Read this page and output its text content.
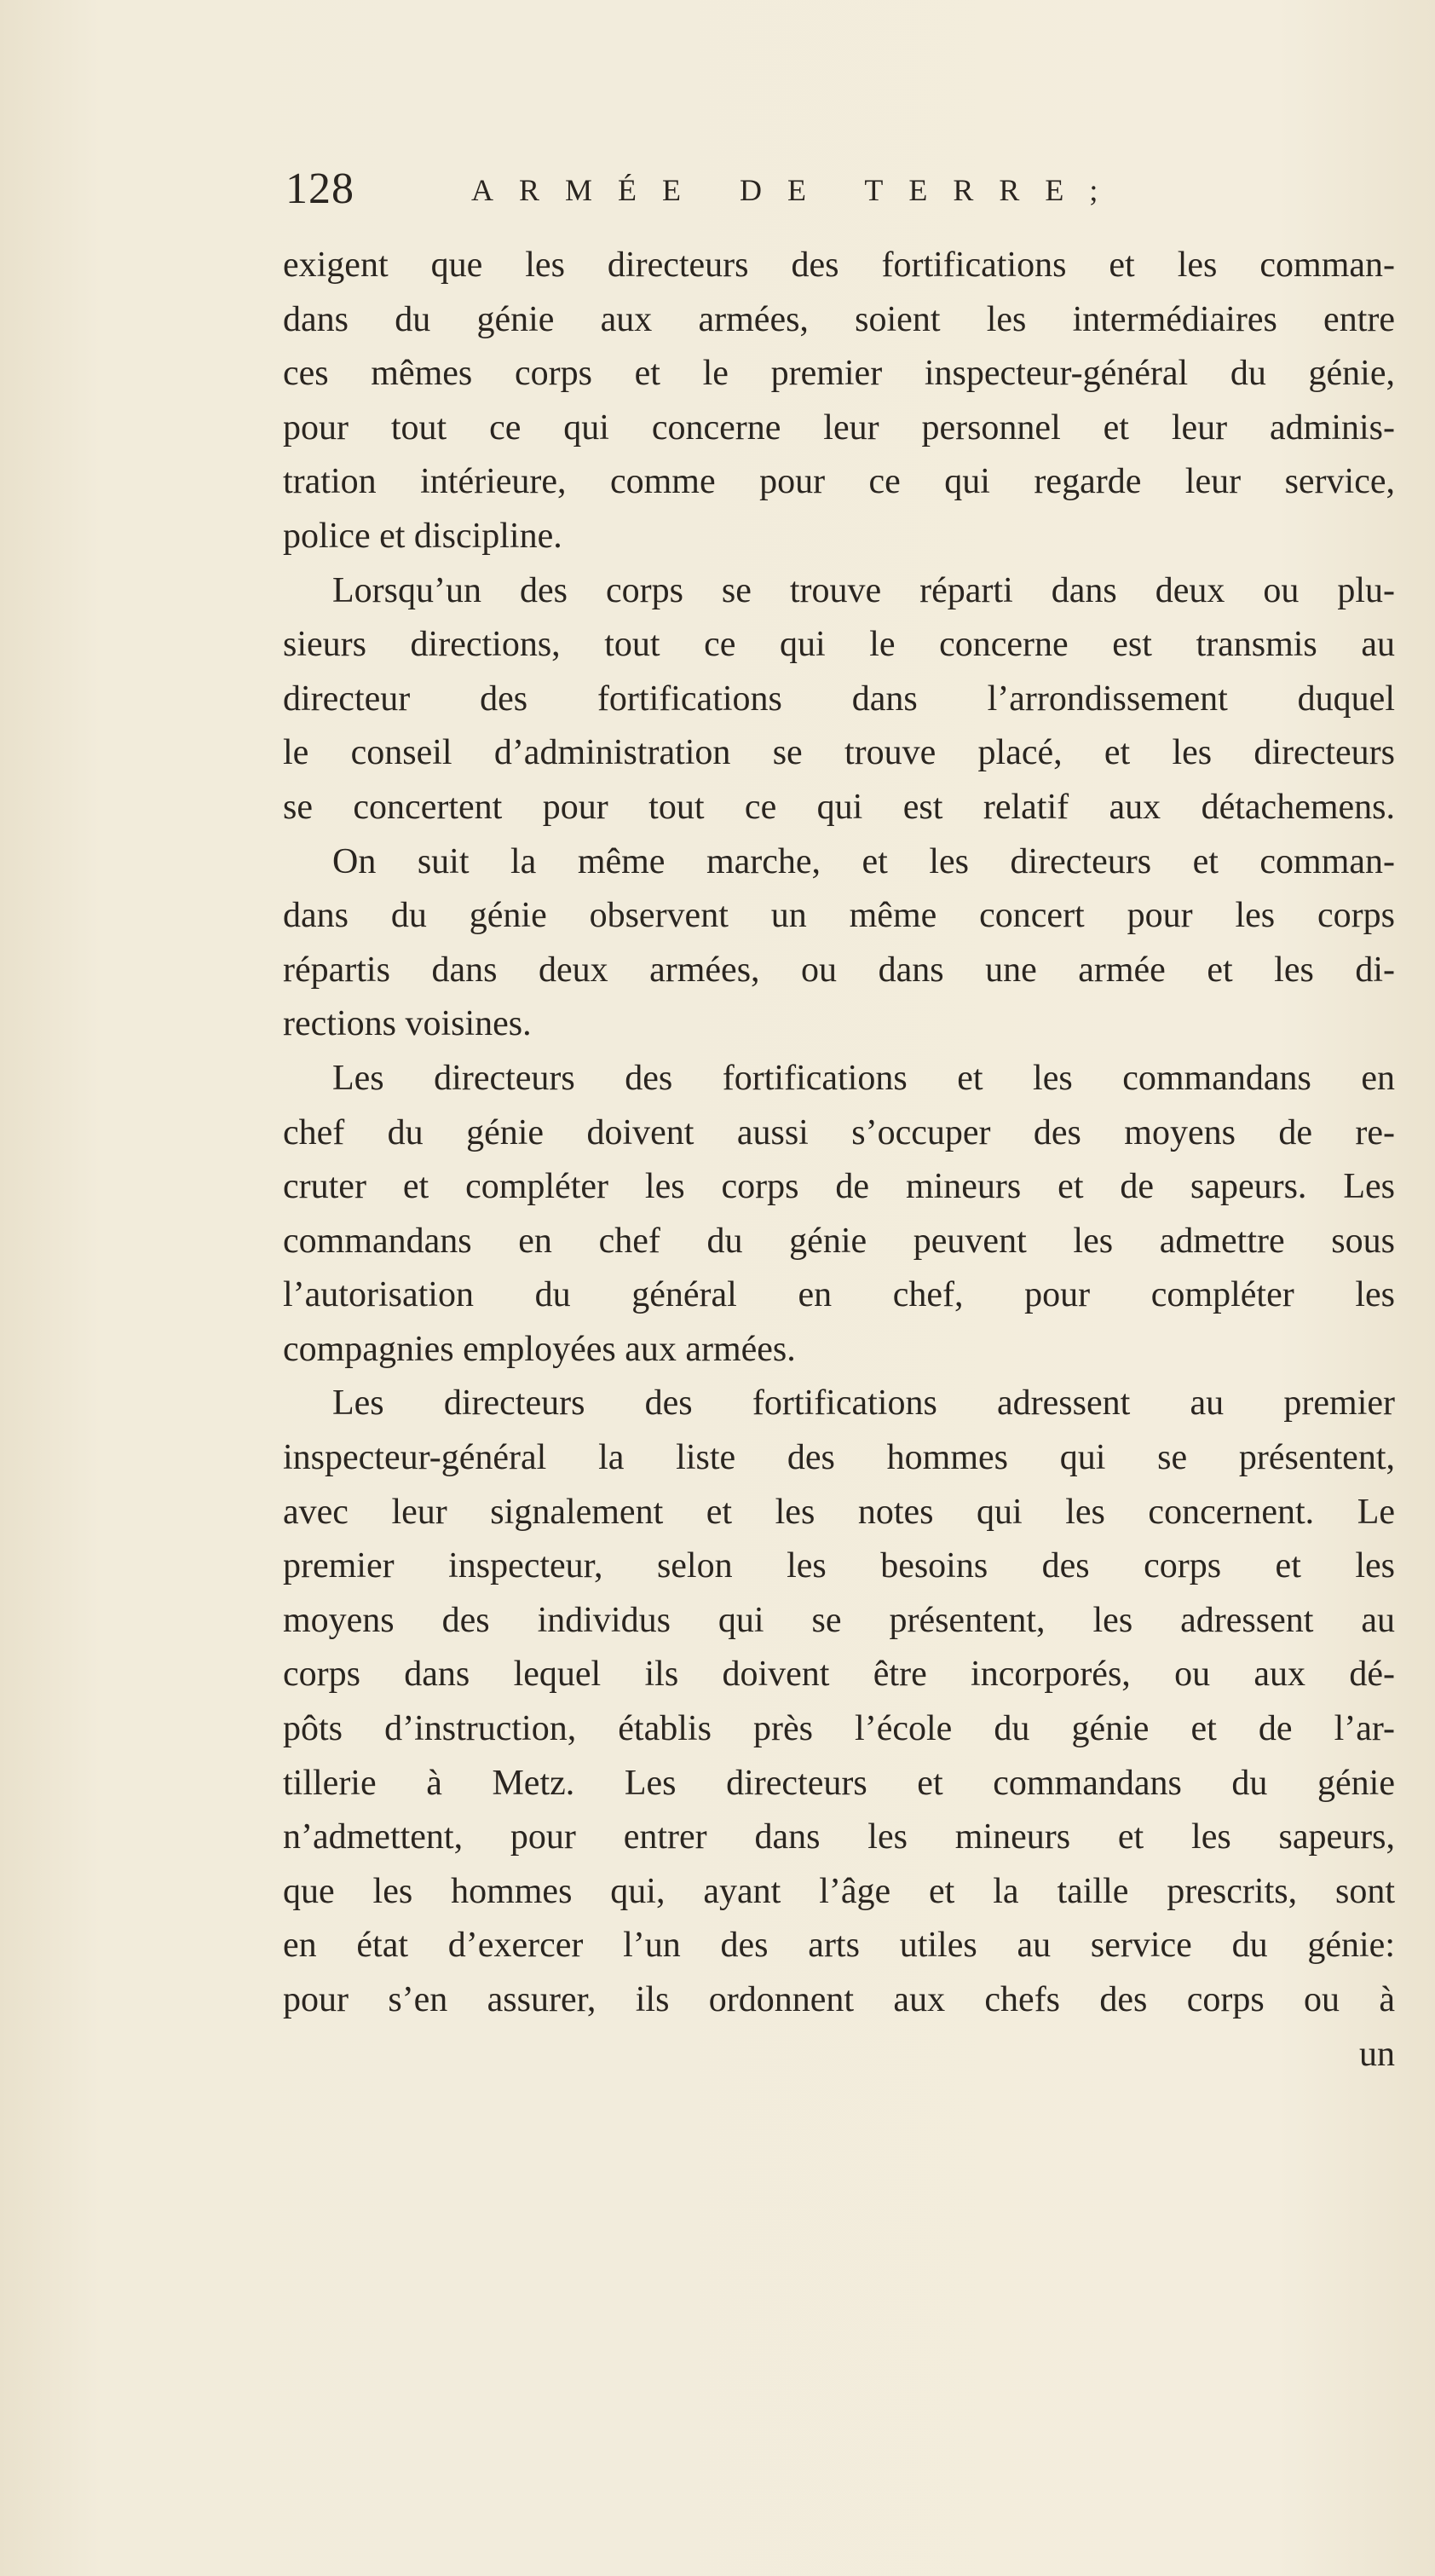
128	ARMÉE DE TERRE;
exigent que les directeurs des fortifications et les comman-
dans du génie aux armées, soient les intermédiaires entre
ces mêmes corps et le premier inspecteur-général du génie,
pour tout ce qui concerne leur personnel et leur adminis-
tration intérieure, comme pour ce qui regarde leur service,
police et discipline.
Lorsqu’un des corps se trouve réparti dans deux ou plu-
sieurs directions, tout ce qui le concerne est transmis au
directeur des fortifications dans l’arrondissement duquel
le conseil d’administration se trouve placé, et les directeurs
se concertent pour tout ce qui est relatif aux détachemens.
On suit la même marche, et les directeurs et comman-
dans du génie observent un même concert pour les corps
répartis dans deux armées, ou dans une armée et les di-
rections voisines.
Les directeurs des fortifications et les commandans en
chef du génie doivent aussi s’occuper des moyens de re-
cruter et compléter les corps de mineurs et de sapeurs. Les
commandans en chef du génie peuvent les admettre sous
l’autorisation du général en chef, pour compléter les
compagnies employées aux armées.
Les directeurs des fortifications adressent au premier
inspecteur-général la liste des hommes qui se présentent,
avec leur signalement et les notes qui les concernent. Le
premier inspecteur, selon les besoins des corps et les
moyens des individus qui se présentent, les adressent au
corps dans lequel ils doivent être incorporés, ou aux dé-
pôts d’instruction, établis près l’école du génie et de l’ar-
tillerie à Metz. Les directeurs et commandans du génie
n’admettent, pour entrer dans les mineurs et les sapeurs,
que les hommes qui, ayant l’âge et la taille prescrits, sont
en état d’exercer l’un des arts utiles au service du génie:
pour s’en assurer, ils ordonnent aux chefs des corps ou à
un
